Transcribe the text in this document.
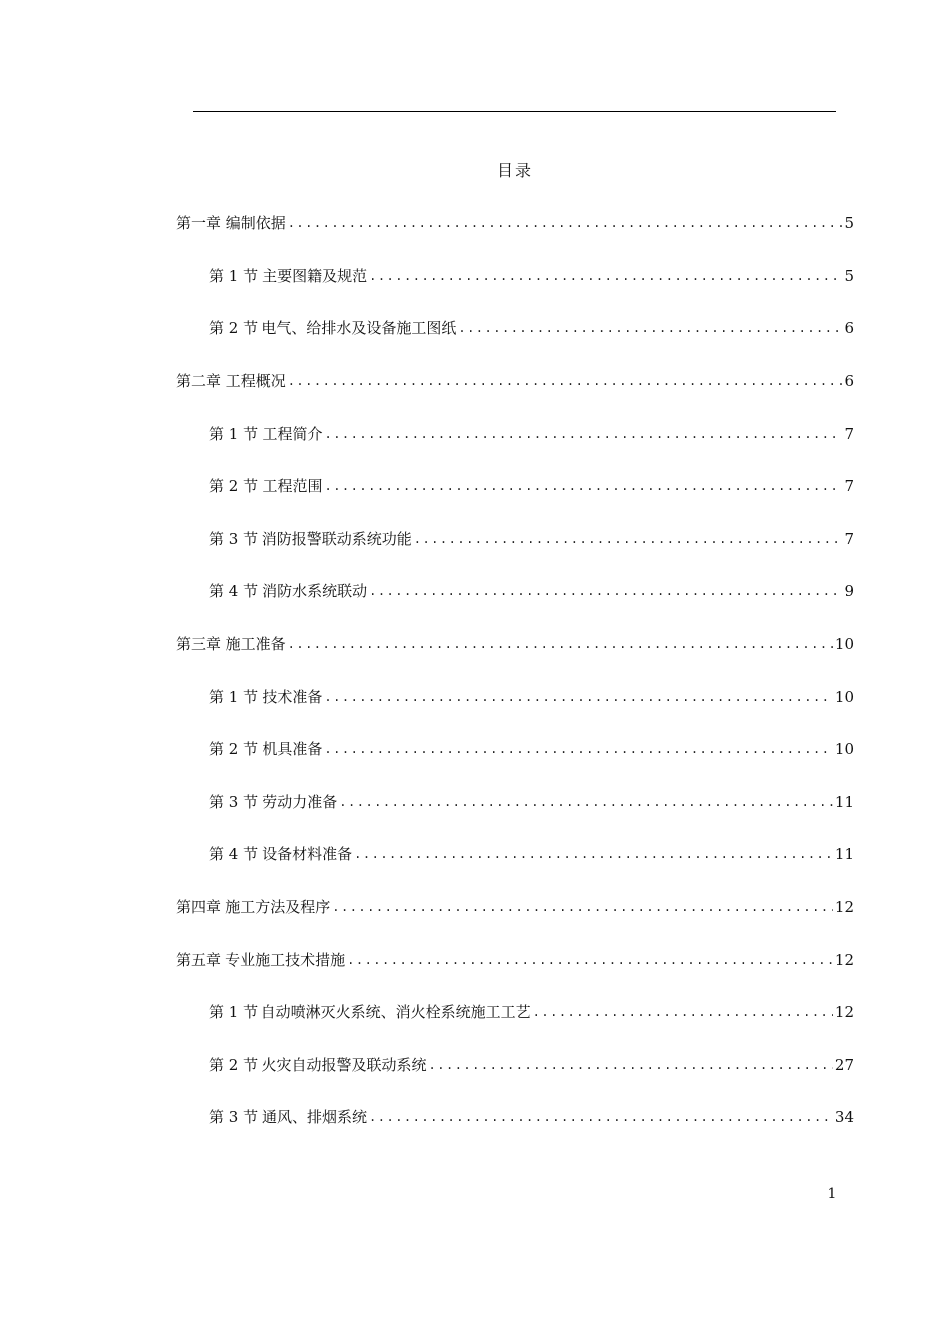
目录
第一章 编制依据 .....	5
第 1 节 主要图籍及规范 .....	5
第 2 节 电气、给排水及设备施工图纸 .....	6
第二章 工程概况 .....	6
第 1 节 工程简介 .....	7
第 2 节 工程范围 .....	7
第 3 节 消防报警联动系统功能 .....	7
第 4 节 消防水系统联动 .....	9
第三章 施工准备 .....	10
第 1 节 技术准备 .....	10
第 2 节 机具准备 .....	10
第 3 节 劳动力准备 .....	11
第 4 节 设备材料准备 .....	11
第四章 施工方法及程序 .....	12
第五章 专业施工技术措施 .....	12
第 1 节 自动喷淋灭火系统、消火栓系统施工工艺 .....	12
第 2 节 火灾自动报警及联动系统 .....	27
第 3 节 通风、排烟系统 .....	34
1
